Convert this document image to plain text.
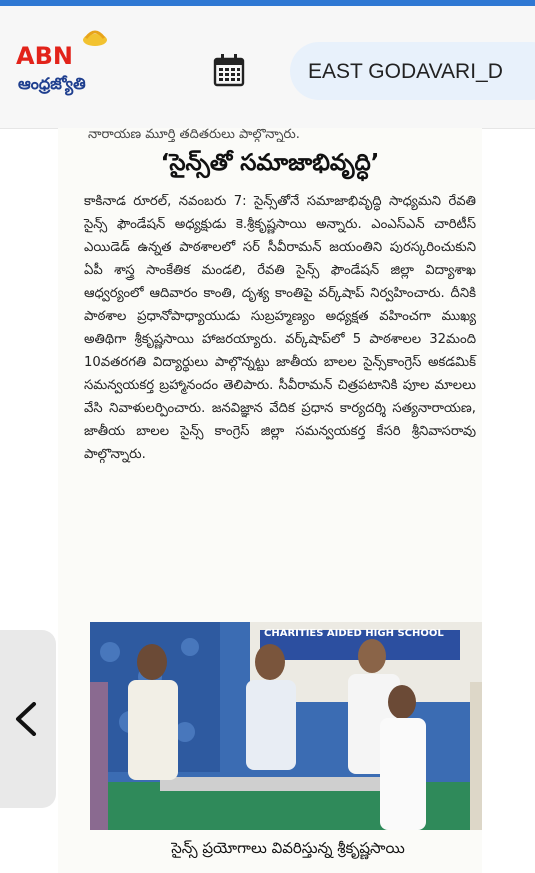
ABN
ఆంధ్రజ్యోతి
EAST GODAVARI_D
నారాయణ మూర్తి తదితరులు పాల్గొన్నారు.
‘సైన్స్‌తో సమాజాభివృద్ధి’
కాకినాడ రూరల్, నవంబరు 7: సైన్స్‌తోనే సమాజాభివృద్ధి సాధ్యమని రేవతి సైన్స్ ఫౌండేషన్ అధ్యక్షుడు కె.శ్రీకృష్ణసాయి అన్నారు. ఎంఎస్ఎన్ చారిటీస్ ఎయిడెడ్ ఉన్నత పాఠశాలలో సర్ సీవీరామన్ జయంతిని పురస్కరించుకుని ఏపీ శాస్త్ర సాంకేతిక మండలి, రేవతి సైన్స్ ఫౌండేషన్ జిల్లా విద్యాశాఖ ఆధ్వర్యంలో ఆదివారం కాంతి, దృశ్య కాంతిపై వర్క్‌షాప్ నిర్వహించారు. దీనికి పాఠశాల ప్రధానోపాధ్యాయుడు సుబ్రహ్మణ్యం అధ్యక్షత వహించగా ముఖ్య అతిథిగా శ్రీకృష్ణసాయి హాజరయ్యారు. వర్క్‌షాప్‌లో 5 పాఠశాలల 32మంది 10వతరగతి విద్యార్థులు పాల్గొన్నట్టు జాతీయ బాలల సైన్స్‌కాంగ్రెస్ అకడమిక్ సమన్వయకర్త బ్రహ్మానందం తెలిపారు. సీవీరామన్ చిత్రపటానికి పూల మాలలు వేసి నివాళులర్పించారు. జనవిజ్ఞాన వేదిక ప్రధాన కార్యదర్శి సత్యనారాయణ, జాతీయ బాలల సైన్స్ కాంగ్రెస్ జిల్లా సమన్వయకర్త కేసరి శ్రీనివాసరావు పాల్గొన్నారు.
CHARITIES AIDED HIGH SCHOOL
సైన్స్ ప్రయోగాలు వివరిస్తున్న శ్రీకృష్ణసాయి
